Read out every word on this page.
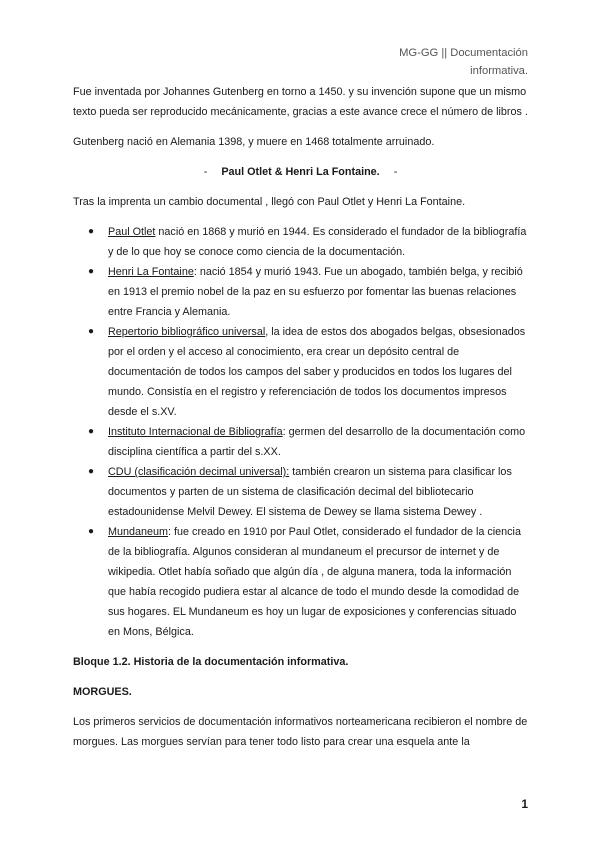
MG-GG || Documentación
informativa.

Fue inventada por Johannes Gutenberg en torno a 1450. y su invención supone que un mismo texto pueda ser reproducido mecánicamente, gracias a este avance crece el número de libros .

Gutenberg nació en Alemania 1398, y muere en 1468 totalmente arruinado.

- Paul Otlet & Henri La Fontaine. -

Tras la imprenta un cambio documental , llegó con Paul Otlet y Henri La Fontaine.

● Paul Otlet nació en 1868 y murió en 1944. Es considerado el fundador de la bibliografía y de lo que hoy se conoce como ciencia de la documentación.
● Henri La Fontaine: nació 1854 y murió 1943. Fue un abogado, también belga, y recibió en 1913 el premio nobel de la paz en su esfuerzo por fomentar las buenas relaciones entre Francia y Alemania.
● Repertorio bibliográfico universal, la idea de estos dos abogados belgas, obsesionados por el orden y el acceso al conocimiento, era crear un depósito central de documentación de todos los campos del saber y producidos en todos los lugares del mundo. Consistía en el registro y referenciación de todos los documentos impresos desde el s.XV.
● Instituto Internacional de Bibliografía: germen del desarrollo de la documentación como disciplina científica a partir del s.XX.
● CDU (clasificación decimal universal): también crearon un sistema para clasificar los documentos y parten de un sistema de clasificación decimal del bibliotecario estadounidense Melvil Dewey. El sistema de Dewey se llama sistema Dewey .
● Mundaneum: fue creado en 1910 por Paul Otlet, considerado el fundador de la ciencia de la bibliografía. Algunos consideran al mundaneum el precursor de internet y de wikipedia. Otlet había soñado que algún día , de alguna manera, toda la información que había recogido pudiera estar al alcance de todo el mundo desde la comodidad de sus hogares. EL Mundaneum es hoy un lugar de exposiciones y conferencias situado en Mons, Bélgica.

Bloque 1.2. Historia de la documentación informativa.

MORGUES.

Los primeros servicios de documentación informativos norteamericana recibieron el nombre de morgues. Las morgues servían para tener todo listo para crear una esquela ante la

1
